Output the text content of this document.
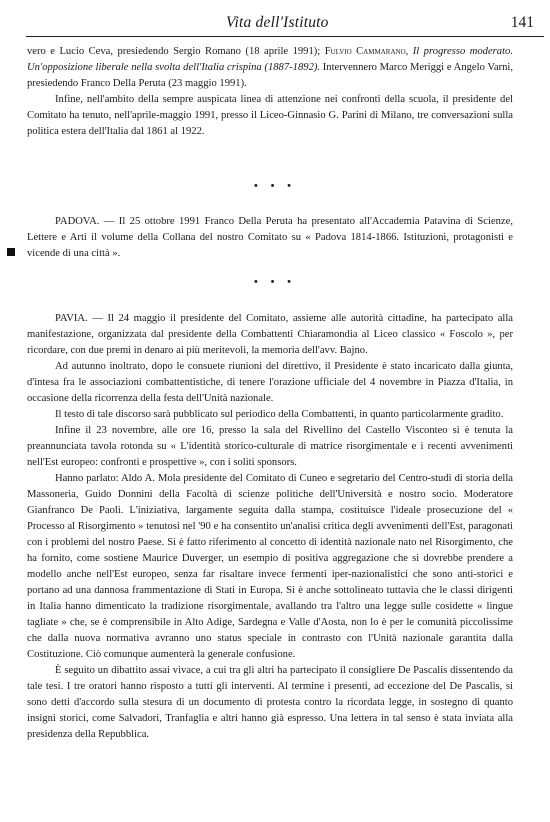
Vita dell'Istituto	141

vero e Lucio Ceva, presiedendo Sergio Romano (18 aprile 1991); Fulvio Cammarano, Il progresso moderato. Un'opposizione liberale nella svolta dell'Italia crispina (1887-1892). Intervennero Marco Meriggi e Angelo Varni, presiedendo Franco Della Peruta (23 maggio 1991).

Infine, nell'ambito della sempre auspicata linea di attenzione nei confronti della scuola, il presidente del Comitato ha tenuto, nell'aprile-maggio 1991, presso il Liceo-Ginnasio G. Parini di Milano, tre conversazioni sulla politica estera dell'Italia dal 1861 al 1922.

• • •

PADOVA. — Il 25 ottobre 1991 Franco Della Peruta ha presentato all'Accademia Patavina di Scienze, Lettere e Arti il volume della Collana del nostro Comitato su « Padova 1814-1866. Istituzioni, protagonisti e vicende di una città ».

• • •

PAVIA. — Il 24 maggio il presidente del Comitato, assieme alle autorità cittadine, ha partecipato alla manifestazione, organizzata dal presidente della Combattenti Chiaramondia al Liceo classico « Foscolo », per ricordare, con due premi in denaro ai più meritevoli, la memoria dell'avv. Bajno.

Ad autunno inoltrato, dopo le consuete riunioni del direttivo, il Presidente è stato incaricato dalla giunta, d'intesa fra le associazioni combattentistiche, di tenere l'orazione ufficiale del 4 novembre in Piazza d'Italia, in occasione della ricorrenza della festa dell'Unità nazionale.

Il testo di tale discorso sarà pubblicato sul periodico della Combattenti, in quanto particolarmente gradito.

Infine il 23 novembre, alle ore 16, presso la sala del Rivellino del Castello Visconteo si è tenuta la preannunciata tavola rotonda su « L'identità storico-culturale di matrice risorgimentale e i recenti avvenimenti nell'Est europeo: confronti e prospettive », con i soliti sponsors.

Hanno parlato: Aldo A. Mola presidente del Comitato di Cuneo e segretario del Centro-studi di storia della Massoneria, Guido Donnini della Facoltà di scienze politiche dell'Università e nostro socio. Moderatore Gianfranco De Paoli. L'iniziativa, largamente seguita dalla stampa, costituisce l'ideale prosecuzione del « Processo al Risorgimento » tenutosi nel '90 e ha consentito un'analisi critica degli avvenimenti dell'Est, paragonati con i problemi del nostro Paese. Si è fatto riferimento al concetto di identità nazionale nato nel Risorgimento, che ha fornito, come sostiene Maurice Duverger, un esempio di positiva aggregazione che si dovrebbe prendere a modello anche nell'Est europeo, senza far risaltare invece fermenti iper-nazionalistici che sono anti-storici e portano ad una dannosa frammentazione di Stati in Europa. Si è anche sottolineato tuttavia che le classi dirigenti in Italia hanno dimenticato la tradizione risorgimentale, avallando tra l'altro una legge sulle cosidette « lingue tagliate » che, se è comprensibile in Alto Adige, Sardegna e Valle d'Aosta, non lo è per le comunità piccolissime che dalla nuova normativa avranno uno status speciale in contrasto con l'Unità nazionale garantita dalla Costituzione. Ciò comunque aumenterà la generale confusione.

È seguito un dibattito assai vivace, a cui tra gli altri ha partecipato il consigliere De Pascalis dissentendo da tale tesi. I tre oratori hanno risposto a tutti gli interventi. Al termine i presenti, ad eccezione del De Pascalis, si sono detti d'accordo sulla stesura di un documento di protesta contro la ricordata legge, in sostegno di quanto insigni storici, come Salvadori, Tranfaglia e altri hanno già espresso. Una lettera in tal senso è stata inviata alla presidenza della Repubblica.
